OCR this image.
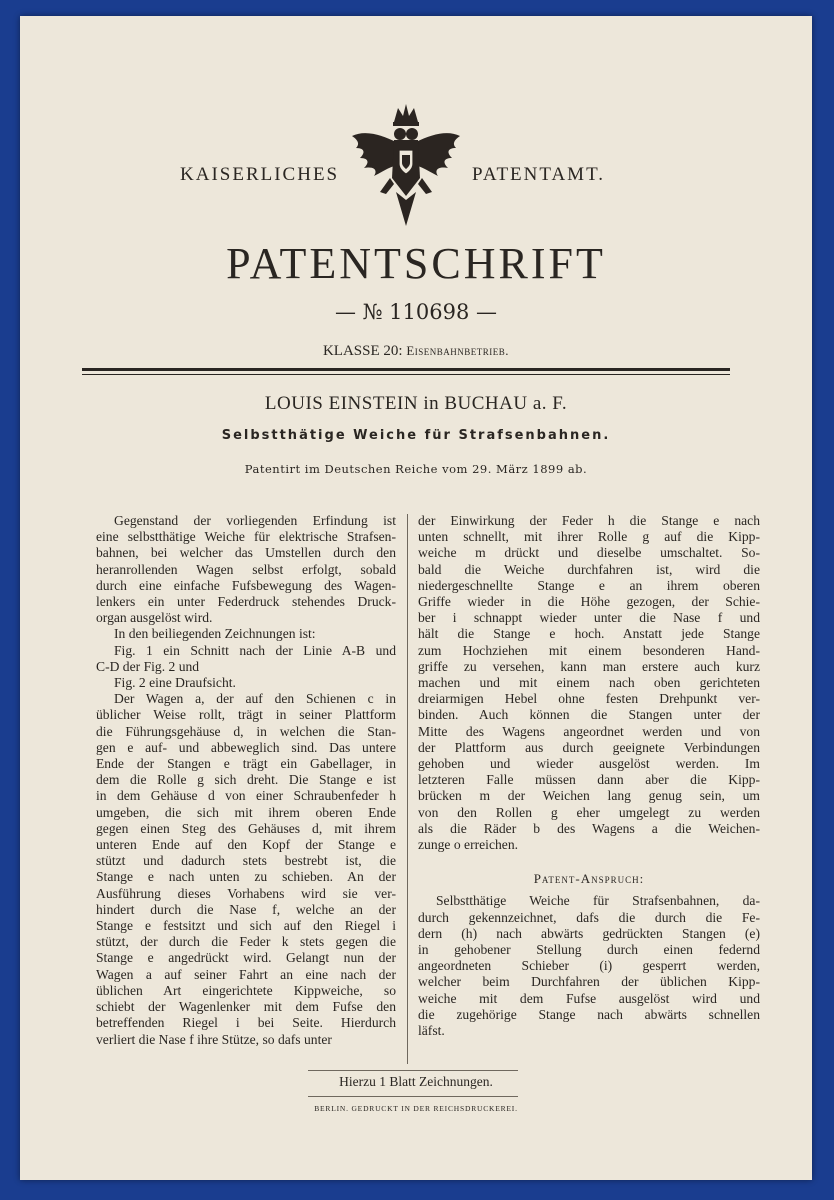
KAISERLICHES	PATENTAMT.
PATENTSCHRIFT
— № 110698 —
KLASSE 20: Eisenbahnbetrieb.
LOUIS EINSTEIN in BUCHAU a. F.
Selbstthätige Weiche für Strafsenbahnen.
Patentirt im Deutschen Reiche vom 29. März 1899 ab.
Gegenstand der vorliegenden Erfindung ist
eine selbstthätige Weiche für elektrische Strafsen-
bahnen, bei welcher das Umstellen durch den
heranrollenden Wagen selbst erfolgt, sobald
durch eine einfache Fufsbewegung des Wagen-
lenkers ein unter Federdruck stehendes Druck-
organ ausgelöst wird.
In den beiliegenden Zeichnungen ist:
Fig. 1 ein Schnitt nach der Linie A-B und
C-D der Fig. 2 und
Fig. 2 eine Draufsicht.
Der Wagen a, der auf den Schienen c in
üblicher Weise rollt, trägt in seiner Plattform
die Führungsgehäuse d, in welchen die Stan-
gen e auf- und abbeweglich sind. Das untere
Ende der Stangen e trägt ein Gabellager, in
dem die Rolle g sich dreht. Die Stange e ist
in dem Gehäuse d von einer Schraubenfeder h
umgeben, die sich mit ihrem oberen Ende
gegen einen Steg des Gehäuses d, mit ihrem
unteren Ende auf den Kopf der Stange e
stützt und dadurch stets bestrebt ist, die
Stange e nach unten zu schieben. An der
Ausführung dieses Vorhabens wird sie ver-
hindert durch die Nase f, welche an der
Stange e festsitzt und sich auf den Riegel i
stützt, der durch die Feder k stets gegen die
Stange e angedrückt wird. Gelangt nun der
Wagen a auf seiner Fahrt an eine nach der
üblichen Art eingerichtete Kippweiche, so
schiebt der Wagenlenker mit dem Fufse den
betreffenden Riegel i bei Seite. Hierdurch
verliert die Nase f ihre Stütze, so dafs unter
der Einwirkung der Feder h die Stange e nach
unten schnellt, mit ihrer Rolle g auf die Kipp-
weiche m drückt und dieselbe umschaltet. So-
bald die Weiche durchfahren ist, wird die
niedergeschnellte Stange e an ihrem oberen
Griffe wieder in die Höhe gezogen, der Schie-
ber i schnappt wieder unter die Nase f und
hält die Stange e hoch. Anstatt jede Stange
zum Hochziehen mit einem besonderen Hand-
griffe zu versehen, kann man erstere auch kurz
machen und mit einem nach oben gerichteten
dreiarmigen Hebel ohne festen Drehpunkt ver-
binden. Auch können die Stangen unter der
Mitte des Wagens angeordnet werden und von
der Plattform aus durch geeignete Verbindungen
gehoben und wieder ausgelöst werden. Im
letzteren Falle müssen dann aber die Kipp-
brücken m der Weichen lang genug sein, um
von den Rollen g eher umgelegt zu werden
als die Räder b des Wagens a die Weichen-
zunge o erreichen.
Patent-Anspruch:
Selbstthätige Weiche für Strafsenbahnen, da-
durch gekennzeichnet, dafs die durch die Fe-
dern (h) nach abwärts gedrückten Stangen (e)
in gehobener Stellung durch einen federnd
angeordneten Schieber (i) gesperrt werden,
welcher beim Durchfahren der üblichen Kipp-
weiche mit dem Fufse ausgelöst wird und
die zugehörige Stange nach abwärts schnellen
läfst.
Hierzu 1 Blatt Zeichnungen.
BERLIN. GEDRUCKT IN DER REICHSDRUCKEREI.
